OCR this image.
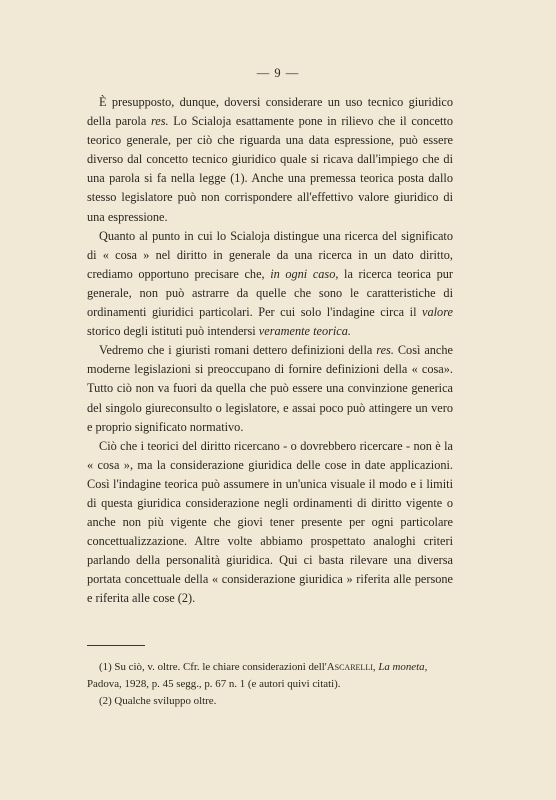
— 9 —

È presupposto, dunque, doversi considerare un uso tecnico giuridico della parola res. Lo Scialoja esattamente pone in rilievo che il concetto teorico generale, per ciò che riguarda una data espressione, può essere diverso dal concetto tecnico giuridico quale si ricava dall'impiego che di una parola si fa nella legge (1). Anche una premessa teorica posta dallo stesso legislatore può non corrispondere all'effettivo valore giuridico di una espressione.

Quanto al punto in cui lo Scialoja distingue una ricerca del significato di « cosa » nel diritto in generale da una ricerca in un dato diritto, crediamo opportuno precisare che, in ogni caso, la ricerca teorica pur generale, non può astrarre da quelle che sono le caratteristiche di ordinamenti giuridici particolari. Per cui solo l'indagine circa il valore storico degli istituti può intendersi veramente teorica.

Vedremo che i giuristi romani dettero definizioni della res. Così anche moderne legislazioni si preoccupano di fornire definizioni della « cosa». Tutto ciò non va fuori da quella che può essere una convinzione generica del singolo giureconsulto o legislatore, e assai poco può attingere un vero e proprio significato normativo.

Ciò che i teorici del diritto ricercano - o dovrebbero ricercare - non è la « cosa », ma la considerazione giuridica delle cose in date applicazioni. Così l'indagine teorica può assumere in un'unica visuale il modo e i limiti di questa giuridica considerazione negli ordinamenti di diritto vigente o anche non più vigente che giovi tener presente per ogni particolare concettualizzazione. Altre volte abbiamo prospettato analoghi criteri parlando della personalità giuridica. Qui ci basta rilevare una diversa portata concettuale della « considerazione giuridica » riferita alle persone e riferita alle cose (2).

(1) Su ciò, v. oltre. Cfr. le chiare considerazioni dell'Ascarelli, La moneta, Padova, 1928, p. 45 segg., p. 67 n. 1 (e autori quivi citati).

(2) Qualche sviluppo oltre.
